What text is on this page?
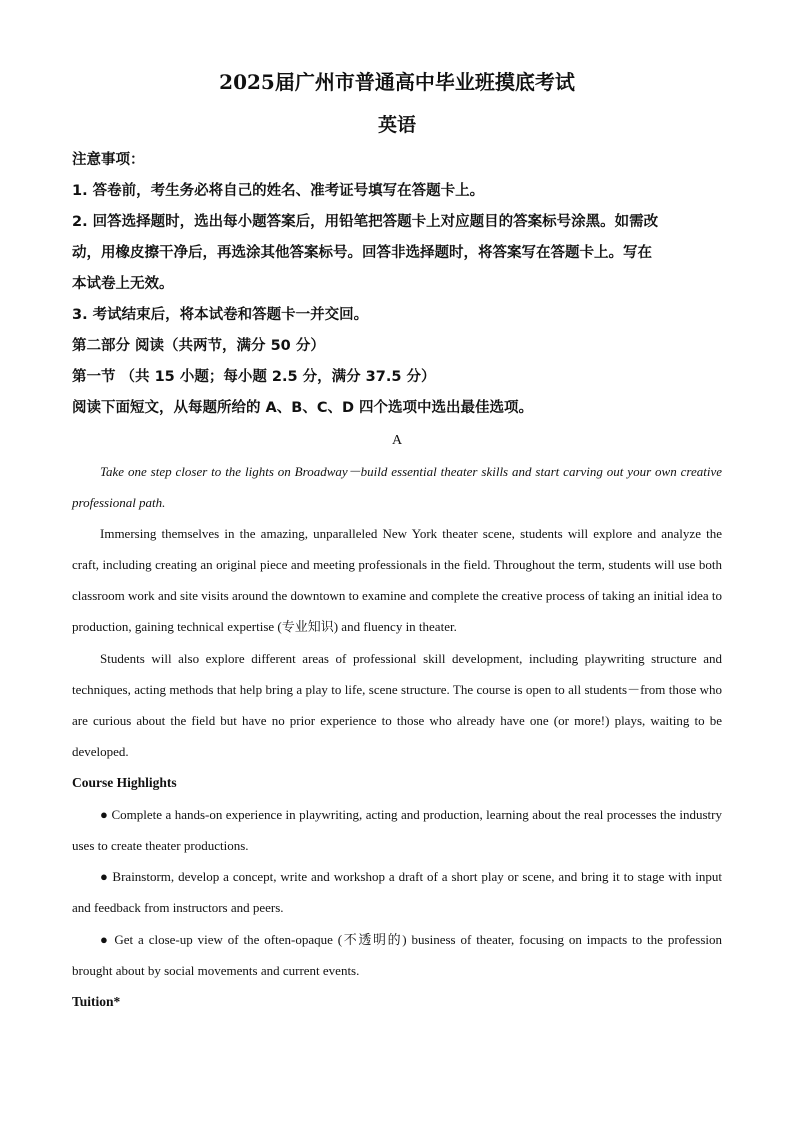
2025届广州市普通高中毕业班摸底考试
英语
注意事项：
1. 答卷前，考生务必将自己的姓名、准考证号填写在答题卡上。
2. 回答选择题时，选出每小题答案后，用铅笔把答题卡上对应题目的答案标号涂黑。如需改
动，用橡皮擦干净后，再选涂其他答案标号。回答非选择题时，将答案写在答题卡上。写在
本试卷上无效。
3. 考试结束后，将本试卷和答题卡一并交回。
第二部分 阅读（共两节，满分 50 分）
第一节 （共 15 小题；每小题 2.5 分，满分 37.5 分）
阅读下面短文，从每题所给的 A、B、C、D 四个选项中选出最佳选项。
A
Take one step closer to the lights on Broadway－build essential theater skills and start carving out your own creative professional path.
Immersing themselves in the amazing, unparalleled New York theater scene, students will explore and analyze the craft, including creating an original piece and meeting professionals in the field. Throughout the term, students will use both classroom work and site visits around the downtown to examine and complete the creative process of taking an initial idea to production, gaining technical expertise (专业知识) and fluency in theater.
Students will also explore different areas of professional skill development, including playwriting structure and techniques, acting methods that help bring a play to life, scene structure. The course is open to all students－from those who are curious about the field but have no prior experience to those who already have one (or more!) plays, waiting to be developed.
Course Highlights
● Complete a hands-on experience in playwriting, acting and production, learning about the real processes the industry uses to create theater productions.
● Brainstorm, develop a concept, write and workshop a draft of a short play or scene, and bring it to stage with input and feedback from instructors and peers.
● Get a close-up view of the often-opaque (不透明的) business of theater, focusing on impacts to the profession brought about by social movements and current events.
Tuition*
